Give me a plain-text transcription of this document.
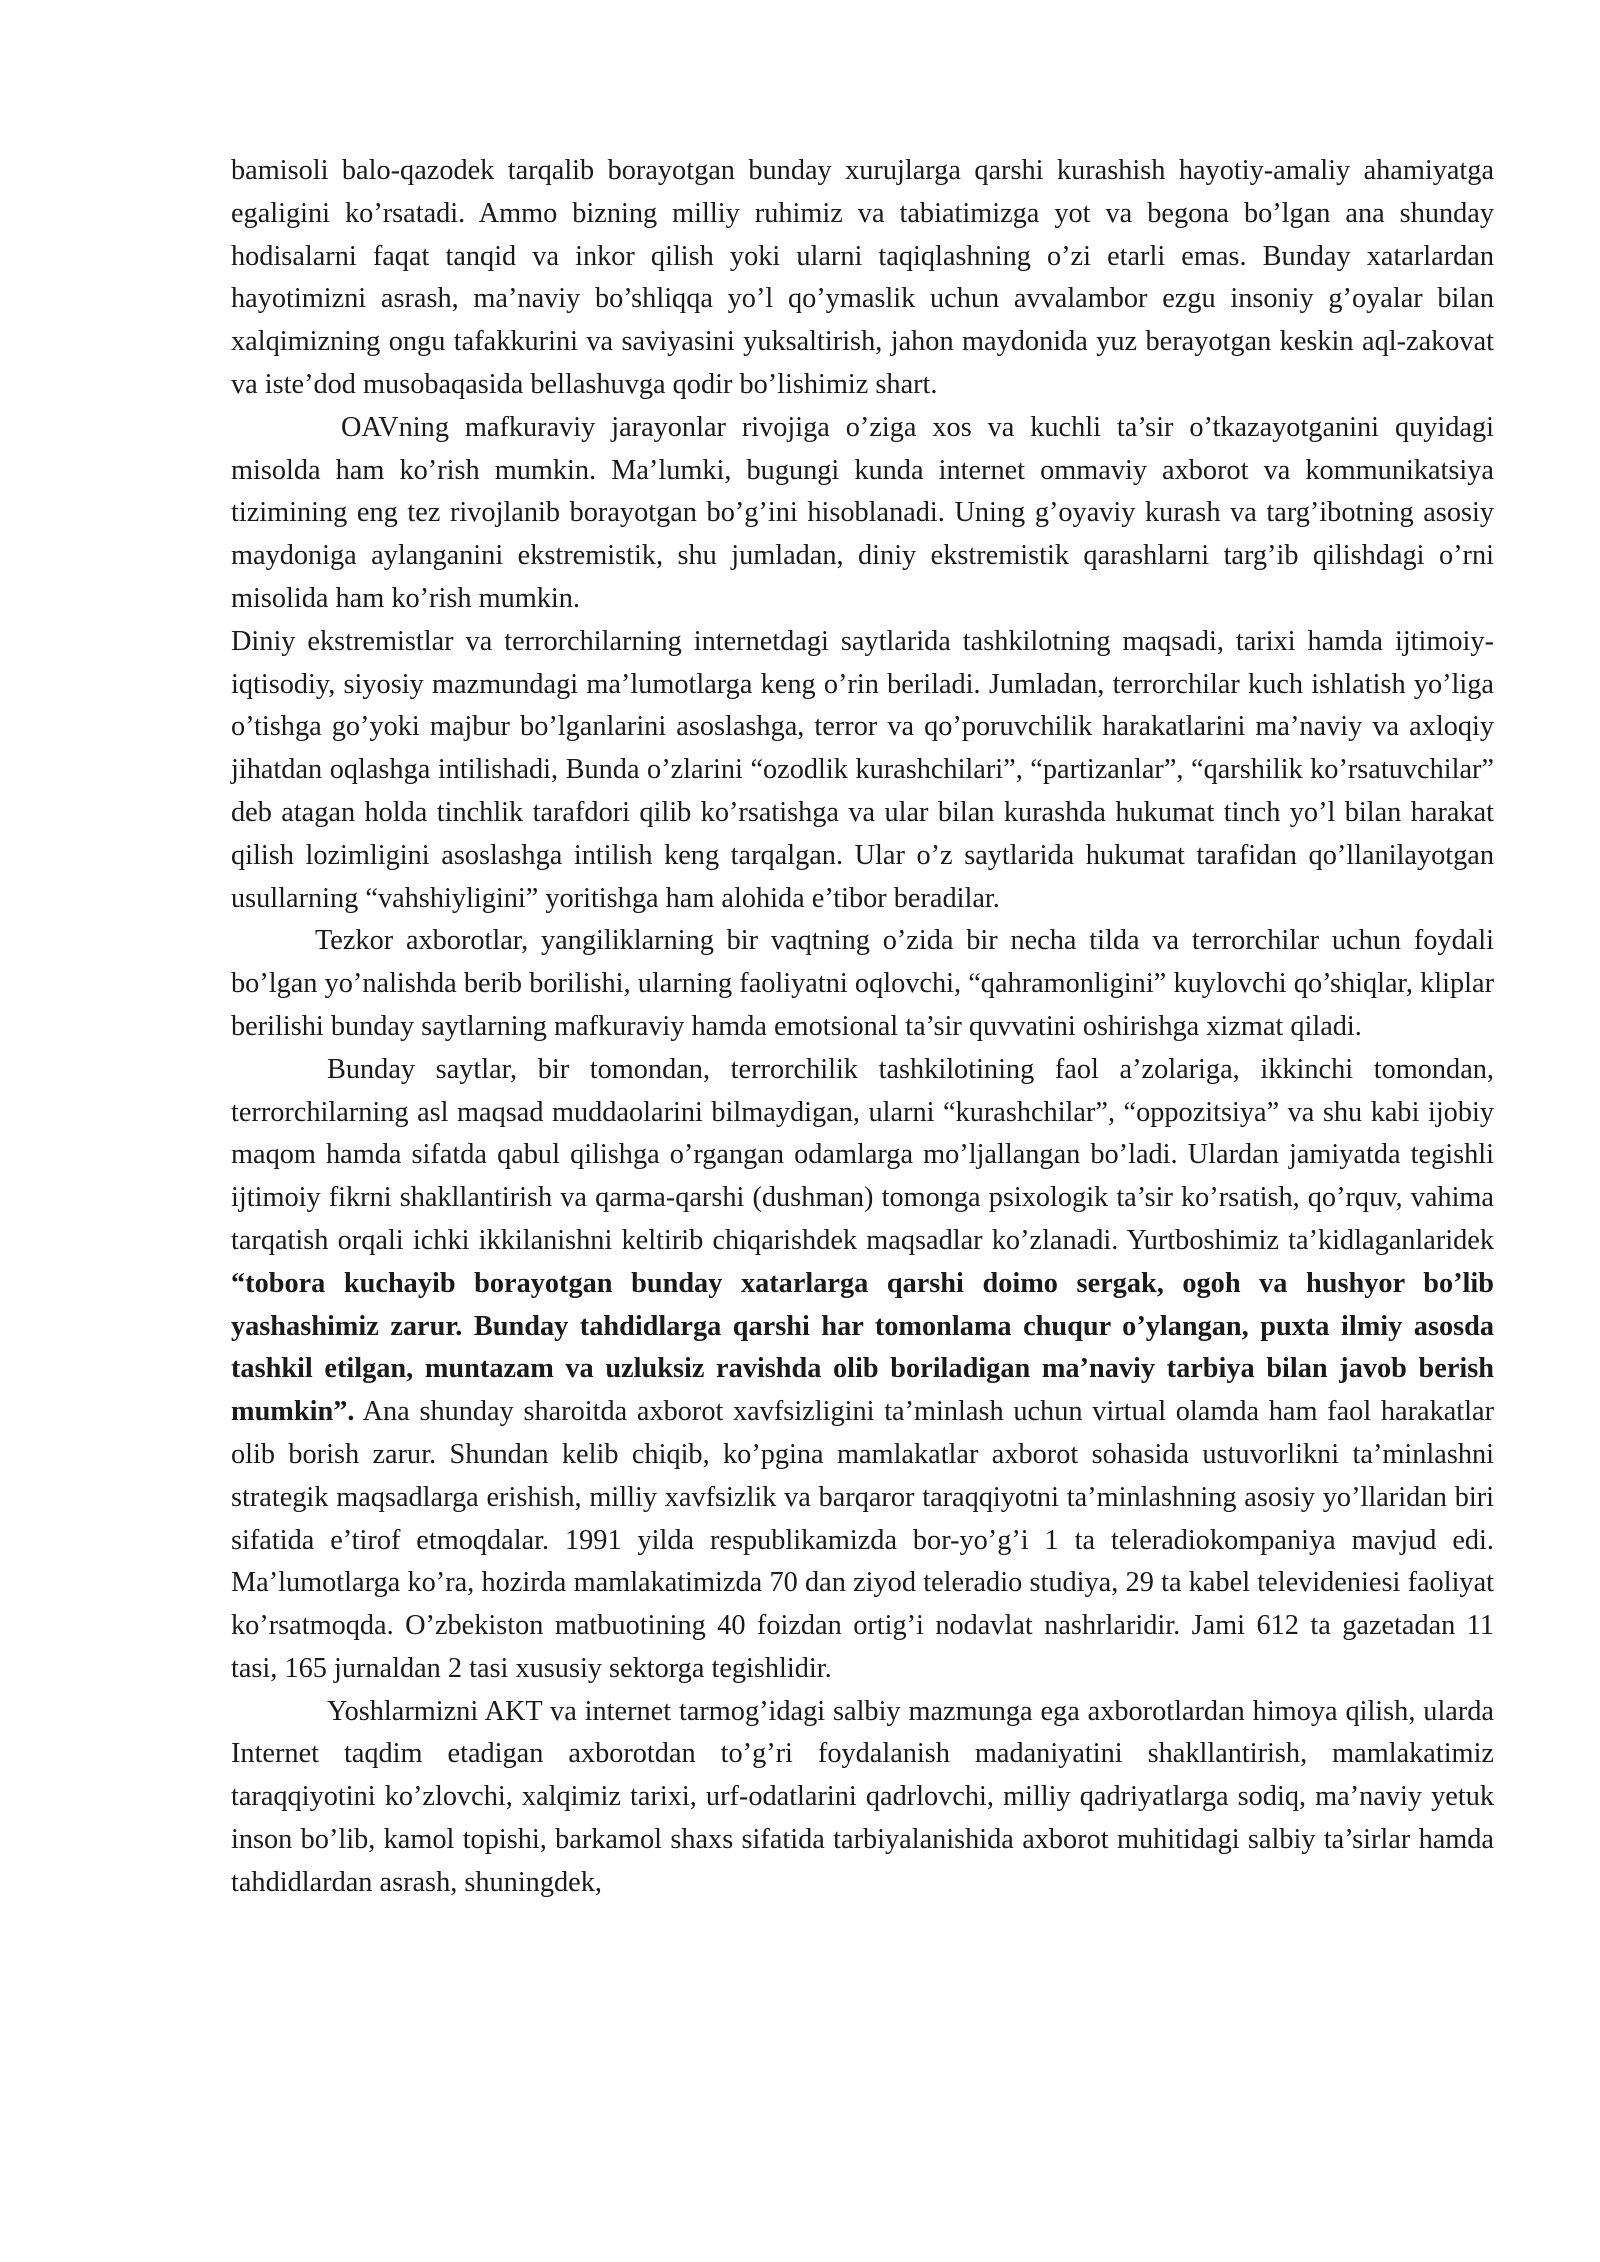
bamisoli balo-qazodek tarqalib borayotgan bunday xurujlarga qarshi kurashish hayotiy-amaliy ahamiyatga egaligini ko’rsatadi. Ammo bizning milliy ruhimiz va tabiatimizga yot va begona bo’lgan ana shunday hodisalarni faqat tanqid va inkor qilish yoki ularni taqiqlashning o’zi etarli emas. Bunday xatarlardan hayotimizni asrash, ma’naviy bo’shliqqa yo’l qo’ymaslik uchun avvalambor ezgu insoniy g’oyalar bilan xalqimizning ongu tafakkurini va saviyasini yuksaltirish, jahon maydonida yuz berayotgan keskin aql-zakovat va iste’dod musobaqasida bellashuvga qodir bo’lishimiz shart.

OAVning mafkuraviy jarayonlar rivojiga o’ziga xos va kuchli ta’sir o’tkazayotganini quyidagi misolda ham ko’rish mumkin. Ma’lumki, bugungi kunda internet ommaviy axborot va kommunikatsiya tizimining eng tez rivojlanib borayotgan bo’g’ini hisoblanadi. Uning g’oyaviy kurash va targ’ibotning asosiy maydoniga aylanganini ekstremistik, shu jumladan, diniy ekstremistik qarashlarni targ’ib qilishdagi o’rni misolida ham ko’rish mumkin.

Diniy ekstremistlar va terrorchilarning internetdagi saytlarida tashkilotning maqsadi, tarixi hamda ijtimoiy-iqtisodiy, siyosiy mazmundagi ma’lumotlarga keng o’rin beriladi. Jumladan, terrorchilar kuch ishlatish yo’liga o’tishga go’yoki majbur bo’lganlarini asoslashga, terror va qo’poruvchilik harakatlarini ma’naviy va axloqiy jihatdan oqlashga intilishadi, Bunda o’zlarini “ozodlik kurashchilari”, “partizanlar”, “qarshilik ko’rsatuvchilar” deb atagan holda tinchlik tarafdori qilib ko’rsatishga va ular bilan kurashda hukumat tinch yo’l bilan harakat qilish lozimligini asoslashga intilish keng tarqalgan. Ular o’z saytlarida hukumat tarafidan qo’llanilayotgan usullarning “vahshiyligini” yoritishga ham alohida e’tibor beradilar.

Tezkor axborotlar, yangiliklarning bir vaqtning o’zida bir necha tilda va terrorchilar uchun foydali bo’lgan yo’nalishda berib borilishi, ularning faoliyatni oqlovchi, “qahramonligini” kuylovchi qo’shiqlar, kliplar berilishi bunday saytlarning mafkuraviy hamda emotsional ta’sir quvvatini oshirishga xizmat qiladi.

Bunday saytlar, bir tomondan, terrorchilik tashkilotining faol a’zolariga, ikkinchi tomondan, terrorchilarning asl maqsad muddaolarini bilmaydigan, ularni “kurashchilar”, “oppozitsiya” va shu kabi ijobiy maqom hamda sifatda qabul qilishga o’rgangan odamlarga mo’ljallangan bo’ladi. Ulardan jamiyatda tegishli ijtimoiy fikrni shakllantirish va qarma-qarshi (dushman) tomonga psixologik ta’sir ko’rsatish, qo’rquv, vahima tarqatish orqali ichki ikkilanishni keltirib chiqarishdek maqsadlar ko’zlanadi. Yurtboshimiz ta’kidlaganlaridek “tobora kuchayib borayotgan bunday xatarlarga qarshi doimo sergak, ogoh va hushyor bo’lib yashashimiz zarur. Bunday tahdidlarga qarshi har tomonlama chuqur o’ylangan, puxta ilmiy asosda tashkil etilgan, muntazam va uzluksiz ravishda olib boriladigan ma’naviy tarbiya bilan javob berish mumkin”. Ana shunday sharoitda axborot xavfsizligini ta’minlash uchun virtual olamda ham faol harakatlar olib borish zarur. Shundan kelib chiqib, ko’pgina mamlakatlar axborot sohasida ustuvorlikni ta’minlashni strategik maqsadlarga erishish, milliy xavfsizlik va barqaror taraqqiyotni ta’minlashning asosiy yo’llaridan biri sifatida e’tirof etmoqdalar. 1991 yilda respublikamizda bor-yo’g’i 1 ta teleradiokompaniya mavjud edi. Ma’lumotlarga ko’ra, hozirda mamlakatimizda 70 dan ziyod teleradio studiya, 29 ta kabel televideniesi faoliyat ko’rsatmoqda. O’zbekiston matbuotining 40 foizdan ortig’i nodavlat nashrlaridir. Jami 612 ta gazetadan 11 tasi, 165 jurnaldan 2 tasi xususiy sektorga tegishlidir.

Yoshlarmizni AKT va internet tarmog’idagi salbiy mazmunga ega axborotlardan himoya qilish, ularda Internet taqdim etadigan axborotdan to’g’ri foydalanish madaniyatini shakllantirish, mamlakatimiz taraqqiyotini ko’zlovchi, xalqimiz tarixi, urf-odatlarini qadrlovchi, milliy qadriyatlarga sodiq, ma’naviy yetuk inson bo’lib, kamol topishi, barkamol shaxs sifatida tarbiyalanishida axborot muhitidagi salbiy ta’sirlar hamda tahdidlardan asrash, shuningdek,
